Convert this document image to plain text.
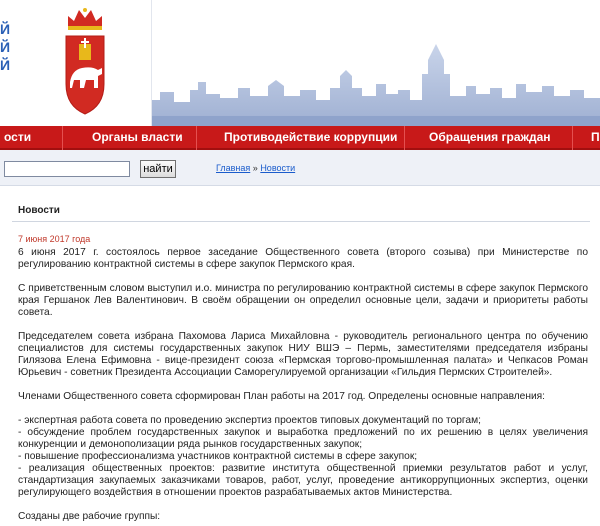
Й
Й
Й
ости	Органы власти	Противодействие коррупции	Обращения граждан	П
найти	Главная » Новости
Новости
7 июня 2017 года
6 июня 2017 г. состоялось первое заседание Общественного совета (второго созыва) при Министерстве по регулированию контрактной системы в сфере закупок Пермского края.
С приветственным словом выступил и.о. министра по регулированию контрактной системы в сфере закупок Пермского края Гершанок Лев Валентинович. В своём обращении он определил основные цели, задачи и приоритеты работы совета.
Председателем совета избрана Пахомова Лариса Михайловна - руководитель регионального центра по обучению специалистов для системы государственных закупок НИУ ВШЭ – Пермь, заместителями председателя избраны Гилязова Елена Ефимовна - вице-президент союза «Пермская торгово-промышленная палата» и Чепкасов Роман Юрьевич - советник Президента Ассоциации Саморегулируемой организации «Гильдия Пермских Строителей».
Членами Общественного совета сформирован План работы на 2017 год. Определены основные направления:
- экспертная работа совета по проведению экспертиз проектов типовых документаций по торгам;
- обсуждение проблем государственных закупок и выработка предложений по их решению в целях увеличения конкуренции и демонополизации ряда рынков государственных закупок;
- повышение профессионализма участников контрактной системы в сфере закупок;
- реализация общественных проектов: развитие института общественной приемки результатов работ и услуг, стандартизация закупаемых заказчиками товаров, работ, услуг, проведение антикоррупционных экспертиз, оценки регулирующего воздействия в отношении проектов разрабатываемых актов Министерства.
Созданы две рабочие группы:
